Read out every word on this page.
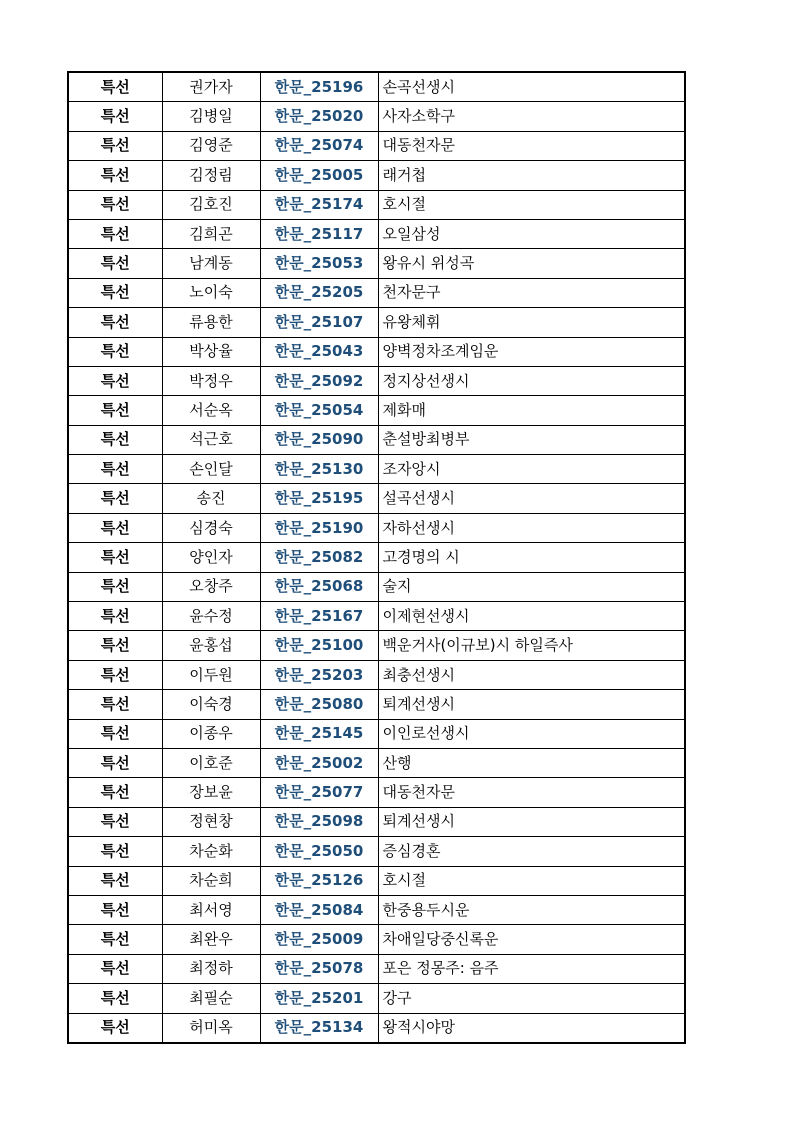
특선	권가자	한문_25196	손곡선생시
특선	김병일	한문_25020	사자소학구
특선	김영준	한문_25074	대동천자문
특선	김정림	한문_25005	래거첩
특선	김호진	한문_25174	호시절
특선	김희곤	한문_25117	오일삼성
특선	남계동	한문_25053	왕유시 위성곡
특선	노이숙	한문_25205	천자문구
특선	류용한	한문_25107	유왕체휘
특선	박상율	한문_25043	양벽정차조계임운
특선	박정우	한문_25092	정지상선생시
특선	서순옥	한문_25054	제화매
특선	석근호	한문_25090	춘설방최병부
특선	손인달	한문_25130	조자앙시
특선	송진	한문_25195	설곡선생시
특선	심경숙	한문_25190	자하선생시
특선	양인자	한문_25082	고경명의 시
특선	오창주	한문_25068	술지
특선	윤수정	한문_25167	이제현선생시
특선	윤홍섭	한문_25100	백운거사(이규보)시 하일즉사
특선	이두원	한문_25203	최충선생시
특선	이숙경	한문_25080	퇴계선생시
특선	이종우	한문_25145	이인로선생시
특선	이호준	한문_25002	산행
특선	장보윤	한문_25077	대동천자문
특선	정현창	한문_25098	퇴계선생시
특선	차순화	한문_25050	증심경혼
특선	차순희	한문_25126	호시절
특선	최서영	한문_25084	한중용두시운
특선	최완우	한문_25009	차애일당중신록운
특선	최정하	한문_25078	포은 정몽주: 음주
특선	최필순	한문_25201	강구
특선	허미옥	한문_25134	왕적시야망
